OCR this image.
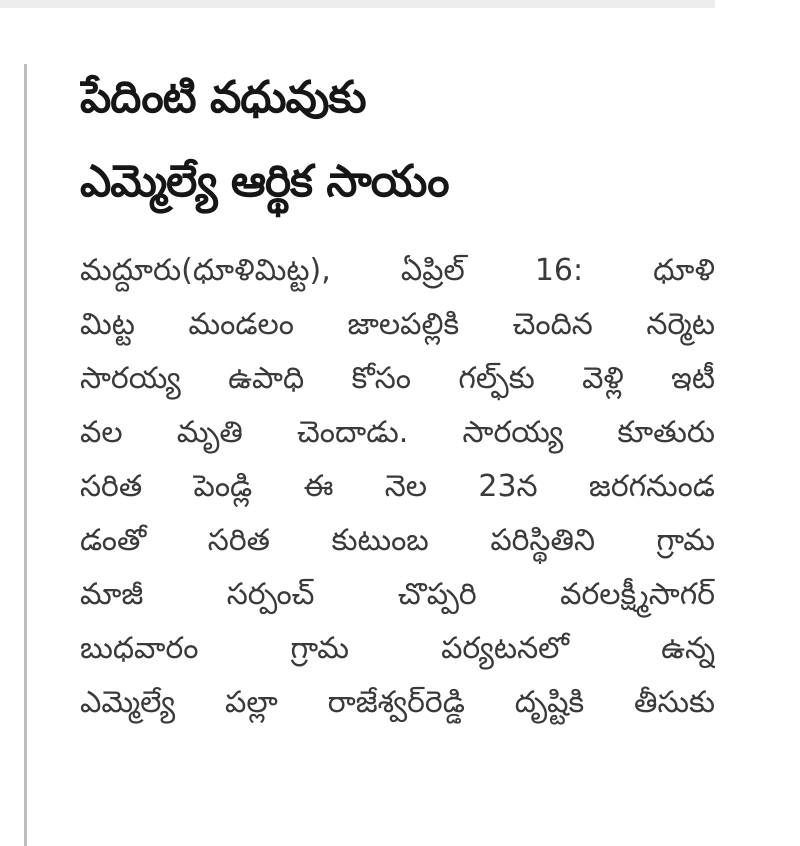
పేదింటి వధువుకు
ఎమ్మెల్యే ఆర్థిక సాయం
మద్దూరు(ధూళిమిట్ట), ఏప్రిల్ 16: ధూళి
మిట్ట మండలం జాలపల్లికి చెందిన నర్మెట
సారయ్య ఉపాధి కోసం గల్ఫ్‌కు వెళ్లి ఇటీ
వల మృతి చెందాడు. సారయ్య కూతురు
సరిత పెండ్లి ఈ నెల 23న జరగనుండ
డంతో సరిత కుటుంబ పరిస్థితిని గ్రామ
మాజీ సర్పంచ్ చొప్పరి వరలక్ష్మీసాగర్
బుధవారం గ్రామ పర్యటనలో ఉన్న
ఎమ్మెల్యే పల్లా రాజేశ్వర్‌రెడ్డి దృష్టికి తీసుకు
